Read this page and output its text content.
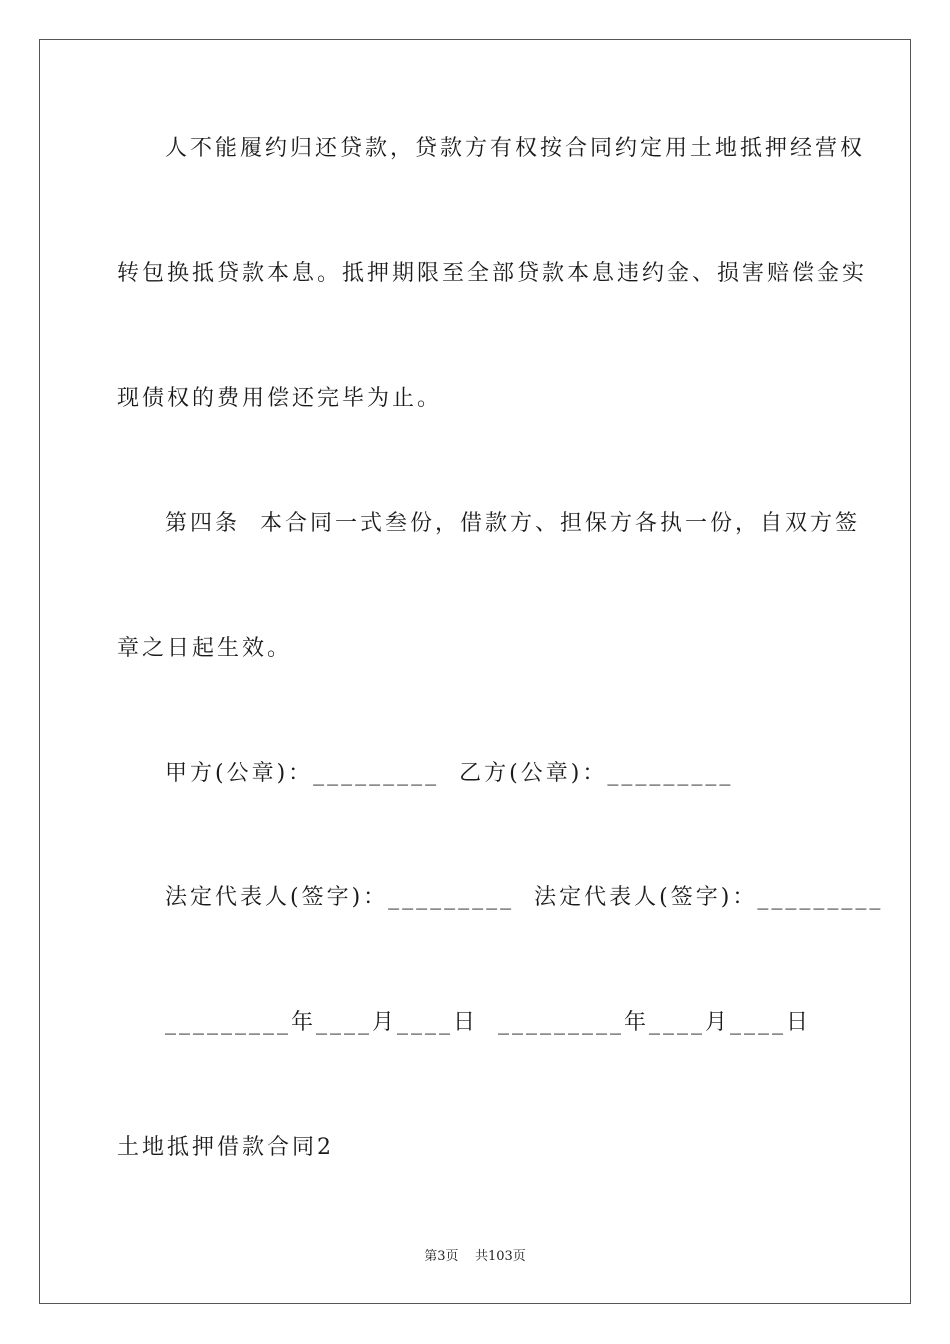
人不能履约归还贷款，贷款方有权按合同约定用土地抵押经营权
转包换抵贷款本息。抵押期限至全部贷款本息违约金、损害赔偿金实
现债权的费用偿还完毕为止。
第四条  本合同一式叁份，借款方、担保方各执一份，自双方签
章之日起生效。
甲方(公章)：_________  乙方(公章)：_________
法定代表人(签字)：_________  法定代表人(签字)：_________
_________年____月____日  _________年____月____日
土地抵押借款合同2
第3页    共103页
